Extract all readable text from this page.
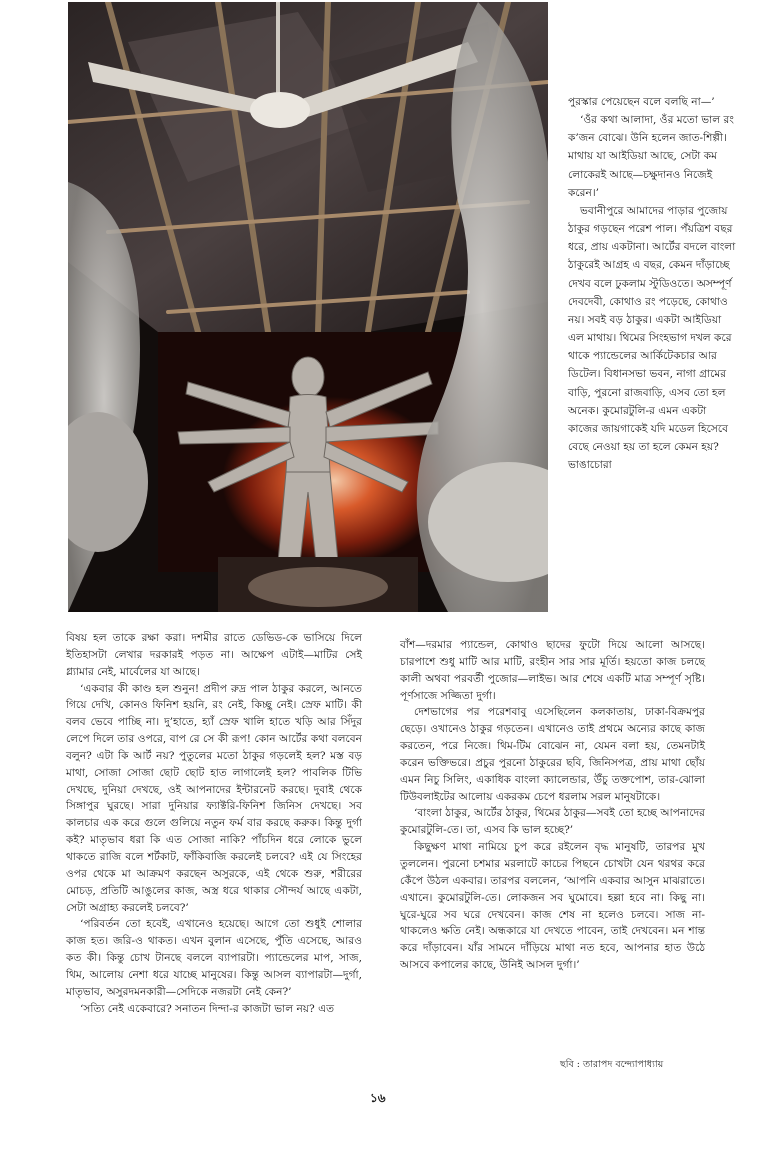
পুরস্কার পেয়েছেন বলে বলছি না—’

‘ওঁর কথা আলাদা, ওঁর মতো ভাল রং ক’জন বোঝে। উনি হলেন জাত-শিল্পী। মাথায় যা আইডিয়া আছে, সেটা কম লোকেরই আছে—চক্ষুদানও নিজেই করেন।’

ভবানীপুরে আমাদের পাড়ার পুজোয় ঠাকুর গড়ছেন পরেশ পাল। পঁয়ত্রিশ বছর ধরে, প্রায় একটানা। আর্টের বদলে বাংলা ঠাকুরেই আগ্রহ এ বছর, কেমন দাঁড়াচ্ছে দেখব বলে ঢুকলাম স্টুডিওতে। অসম্পূর্ণ দেবদেবী, কোথাও রং পড়েছে, কোথাও নয়। সবই বড় ঠাকুর। একটা আইডিয়া এল মাথায়। থিমের সিংহভাগ দখল করে থাকে প্যান্ডেলের আর্কিটেকচার আর ডিটেল। বিধানসভা ভবন, নাগা গ্রামের বাড়ি, পুরনো রাজবাড়ি, এসব তো হল অনেক। কুমোরটুলি-র এমন একটা কাজের জায়গাকেই যদি মডেল হিসেবে বেছে নেওয়া হয় তা হলে কেমন হয়? ভাঙাচোরা

বিষয় হল তাকে রক্ষা করা। দশমীর রাতে ডেভিড-কে ভাসিয়ে দিলে ইতিহাসটা লেখার দরকারই পড়ত না। আক্ষেপ এটাই—মাটির সেই গ্ল্যামার নেই, মার্বেলের যা আছে।

‘একবার কী কাণ্ড হল শুনুন! প্রদীপ রুদ্র পাল ঠাকুর করলে, আনতে গিয়ে দেখি, কোনও ফিনিশ হয়নি, রং নেই, কিচ্ছু নেই। স্রেফ মাটি। কী বলব ভেবে পাচ্ছি না। দু’হাতে, হ্যাঁ স্রেফ খালি হাতে খড়ি আর সিঁদুর লেপে দিলে তার ওপরে, বাপ রে সে কী রূপ! কোন আর্টের কথা বলবেন বলুন? এটা কি আর্ট নয়? পুতুলের মতো ঠাকুর গড়লেই হল? মস্ত বড় মাথা, সোজা সোজা ছোট ছোট হাত লাগালেই হল? পাবলিক টিভি দেখছে, দুনিয়া দেখছে, ওই আপনাদের ইন্টারনেট করছে। দুবাই থেকে সিঙ্গাপুর ঘুরছে। সারা দুনিয়ার ফ্যাক্টরি-ফিনিশ জিনিস দেখছে। সব কালচার এক করে গুলে গুলিয়ে নতুন ফর্ম বার করছে করুক। কিন্তু দুর্গা কই? মাতৃভাব ধরা কি এত সোজা নাকি? পাঁচদিন ধরে লোকে ভুলে থাকতে রাজি বলে শর্টকাট, ফাঁকিবাজি করলেই চলবে? এই যে সিংহের ওপর থেকে মা আক্রমণ করছেন অসুরকে, এই থেকে শুরু, শরীরের মোচড়, প্রতিটি আঙুলের কাজ, অস্ত্র ধরে থাকার সৌন্দর্য আছে একটা, সেটা অগ্রাহ্য করলেই চলবে?’

‘পরিবর্তন তো হবেই, এখানেও হয়েছে। আগে তো শুধুই শোলার কাজ হত। জরি-ও থাকত। এখন বুলান এসেছে, পুঁতি এসেছে, আরও কত কী। কিন্তু চোখ টানছে বললে ব্যাপারটা। প্যান্ডেলের মাপ, সাজ, থিম, আলোয় নেশা ধরে যাচ্ছে মানুষের। কিন্তু আসল ব্যাপারটা—দুর্গা, মাতৃভাব, অসুরদমনকারী—সেদিকে নজরটা নেই কেন?’

‘সত্যি নেই একেবারে? সনাতন দিন্দা-র কাজটা ভাল নয়? এত

বাঁশ—দরমার প্যান্ডেল, কোথাও ছাদের ফুটো দিয়ে আলো আসছে। চারপাশে শুধু মাটি আর মাটি, রংহীন সার সার মূর্তি। হয়তো কাজ চলছে কালী অথবা পরবর্তী পুজোর—লাইভ। আর শেষে একটি মাত্র সম্পূর্ণ সৃষ্টি। পূর্ণসাজে সজ্জিতা দুর্গা।

দেশভাগের পর পরেশবাবু এসেছিলেন কলকাতায়, ঢাকা-বিক্রমপুর ছেড়ে। ওখানেও ঠাকুর গড়তেন। এখানেও তাই প্রথমে অন্যের কাছে কাজ করতেন, পরে নিজে। থিম-টিম বোঝেন না, যেমন বলা হয়, তেমনটাই করেন ভক্তিভরে। প্রচুর পুরনো ঠাকুরের ছবি, জিনিসপত্র, প্রায় মাথা ছোঁয় এমন নিচু সিলিং, একাধিক বাংলা ক্যালেন্ডার, উঁচু তক্তপোশ, তার-ঝোলা টিউবলাইটের আলোয় একরকম চেপে ধরলাম সরল মানুষটাকে।

‘বাংলা ঠাকুর, আর্টের ঠাকুর, থিমের ঠাকুর—সবই তো হচ্ছে আপনাদের কুমোরটুলি-তে। তা, এসব কি ভাল হচ্ছে?’

কিছুক্ষণ মাথা নামিয়ে চুপ করে রইলেন বৃদ্ধ মানুষটি, তারপর মুখ তুললেন। পুরনো চশমার মরলাটে কাচের পিছনে চোখটা যেন থরথর করে কেঁপে উঠল একবার। তারপর বললেন, ‘আপনি একবার আসুন মাঝরাতে। এখানে। কুমোরটুলি-তে। লোকজন সব ঘুমোবে। হল্লা হবে না। কিছু না। ঘুরে-ঘুরে সব ঘরে দেখবেন। কাজ শেষ না হলেও চলবে। সাজ না-থাকলেও ক্ষতি নেই। অন্ধকারে যা দেখতে পাবেন, তাই দেখবেন। মন শান্ত করে দাঁড়াবেন। যাঁর সামনে দাঁড়িয়ে মাথা নত হবে, আপনার হাত উঠে আসবে কপালের কাছে, উনিই আসল দুর্গা।’

ছবি : তারাপদ বন্দ্যোপাধ্যায়
১৬
